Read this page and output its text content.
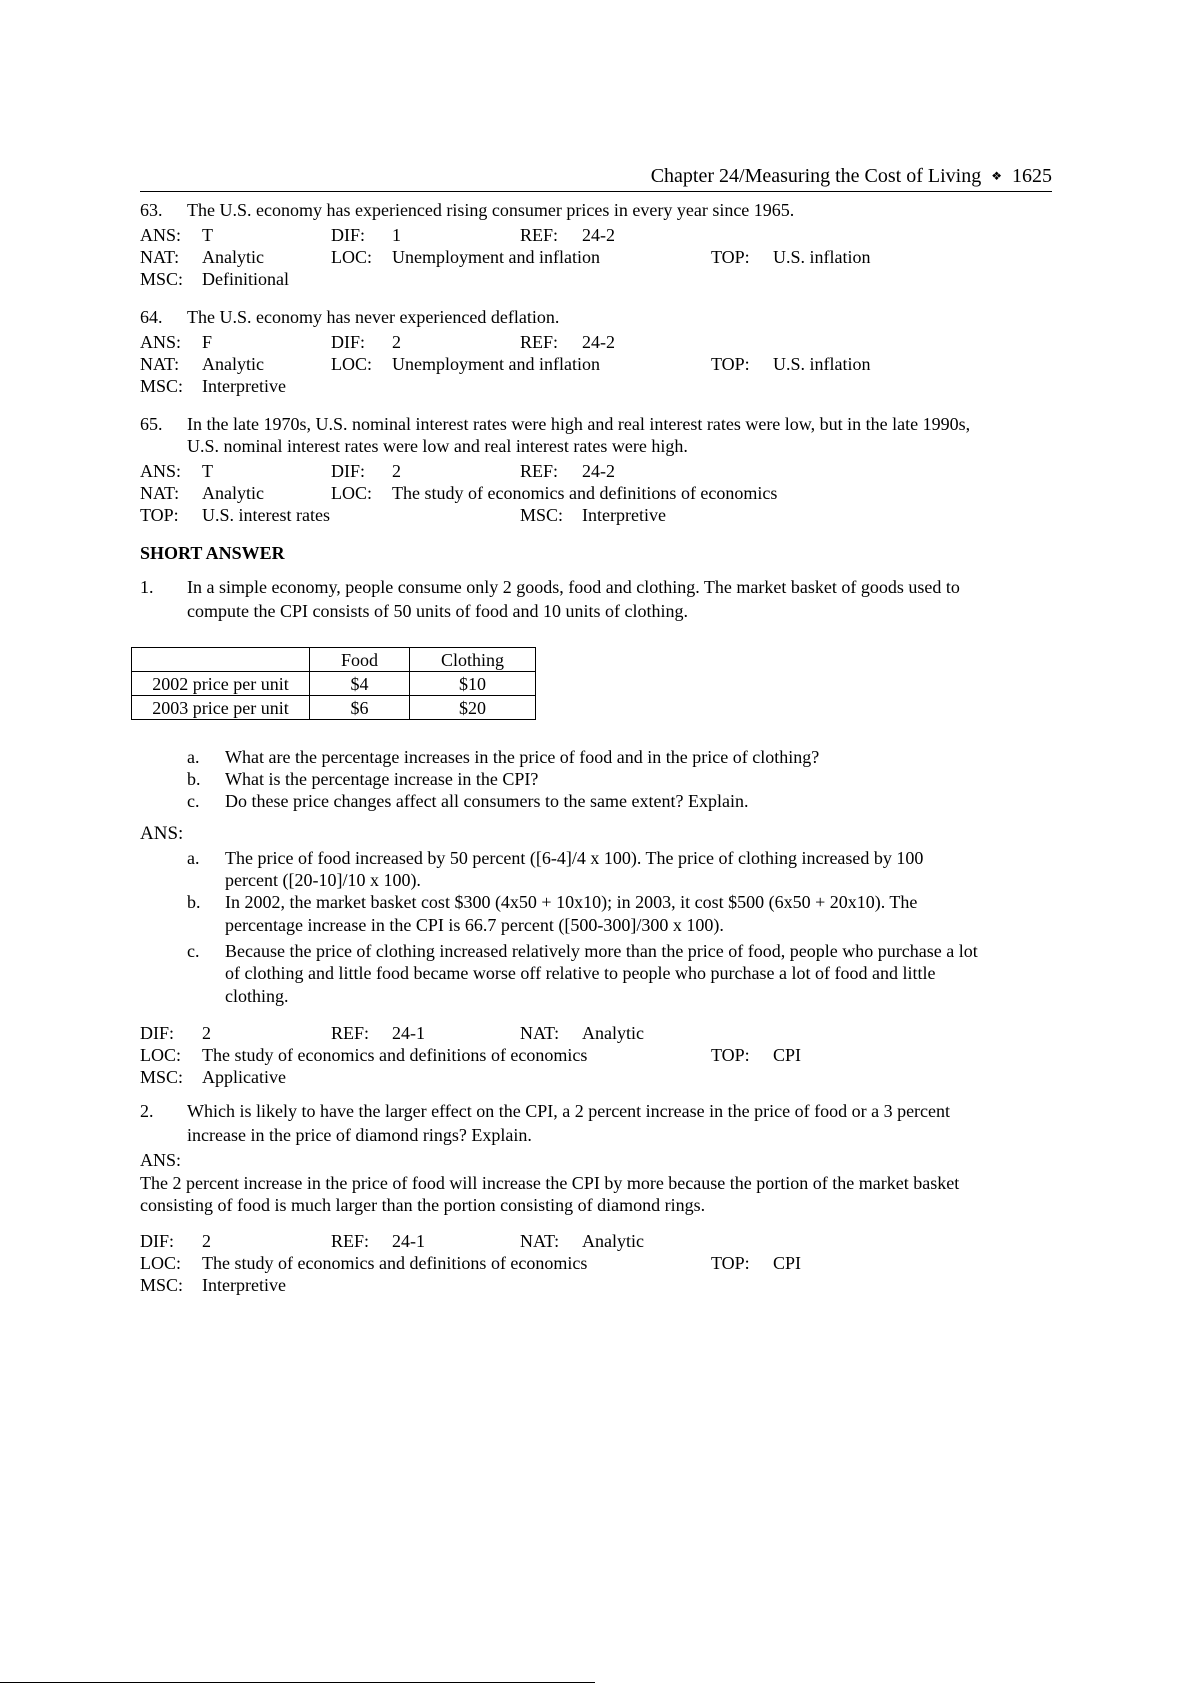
Chapter 24/Measuring the Cost of Living ❖ 1625
63. The U.S. economy has experienced rising consumer prices in every year since 1965.
ANS: T	DIF: 1	REF: 24-2
NAT: Analytic	LOC: Unemployment and inflation	TOP: U.S. inflation
MSC: Definitional
64. The U.S. economy has never experienced deflation.
ANS: F	DIF: 2	REF: 24-2
NAT: Analytic	LOC: Unemployment and inflation	TOP: U.S. inflation
MSC: Interpretive
65. In the late 1970s, U.S. nominal interest rates were high and real interest rates were low, but in the late 1990s,
U.S. nominal interest rates were low and real interest rates were high.
ANS: T	DIF: 2	REF: 24-2
NAT: Analytic	LOC: The study of economics and definitions of economics
TOP: U.S. interest rates	MSC: Interpretive
SHORT ANSWER
1. In a simple economy, people consume only 2 goods, food and clothing. The market basket of goods used to
compute the CPI consists of 50 units of food and 10 units of clothing.
	Food	Clothing
2002 price per unit	$4	$10
2003 price per unit	$6	$20
a. What are the percentage increases in the price of food and in the price of clothing?
b. What is the percentage increase in the CPI?
c. Do these price changes affect all consumers to the same extent? Explain.
ANS:
a. The price of food increased by 50 percent ([6-4]/4 x 100). The price of clothing increased by 100
percent ([20-10]/10 x 100).
b. In 2002, the market basket cost $300 (4x50 + 10x10); in 2003, it cost $500 (6x50 + 20x10). The
percentage increase in the CPI is 66.7 percent ([500-300]/300 x 100).
c. Because the price of clothing increased relatively more than the price of food, people who purchase a lot
of clothing and little food became worse off relative to people who purchase a lot of food and little
clothing.
DIF: 2	REF: 24-1	NAT: Analytic
LOC: The study of economics and definitions of economics	TOP: CPI
MSC: Applicative
2. Which is likely to have the larger effect on the CPI, a 2 percent increase in the price of food or a 3 percent
increase in the price of diamond rings? Explain.
ANS:
The 2 percent increase in the price of food will increase the CPI by more because the portion of the market basket
consisting of food is much larger than the portion consisting of diamond rings.
DIF: 2	REF: 24-1	NAT: Analytic
LOC: The study of economics and definitions of economics	TOP: CPI
MSC: Interpretive
